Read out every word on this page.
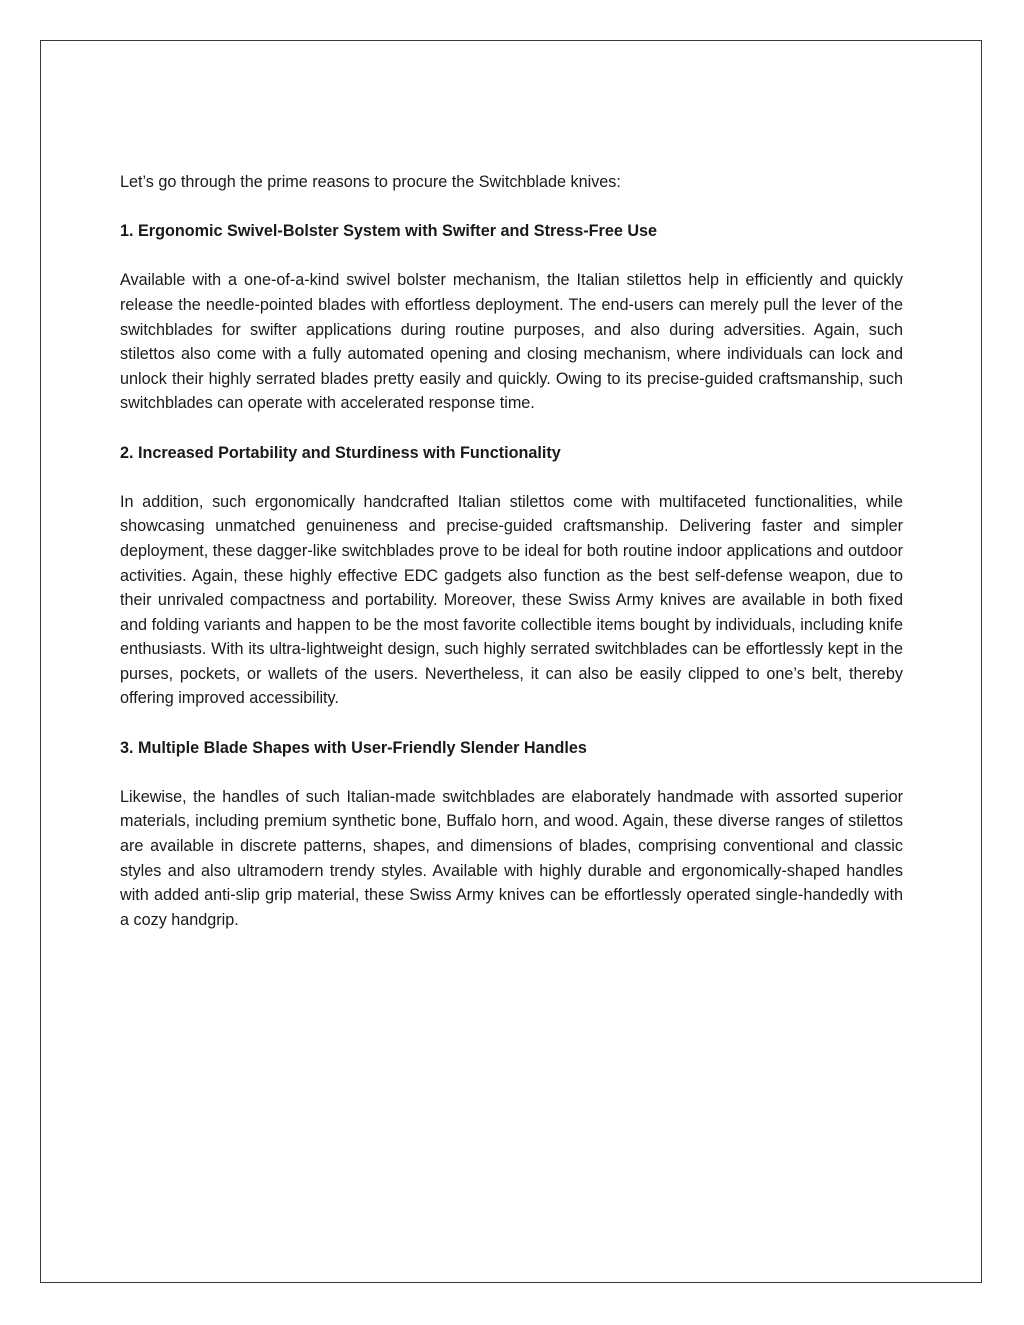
Let’s go through the prime reasons to procure the Switchblade knives:

1. Ergonomic Swivel-Bolster System with Swifter and Stress-Free Use

Available with a one-of-a-kind swivel bolster mechanism, the Italian stilettos help in efficiently and quickly release the needle-pointed blades with effortless deployment. The end-users can merely pull the lever of the switchblades for swifter applications during routine purposes, and also during adversities. Again, such stilettos also come with a fully automated opening and closing mechanism, where individuals can lock and unlock their highly serrated blades pretty easily and quickly. Owing to its precise-guided craftsmanship, such switchblades can operate with accelerated response time.

2. Increased Portability and Sturdiness with Functionality

In addition, such ergonomically handcrafted Italian stilettos come with multifaceted functionalities, while showcasing unmatched genuineness and precise-guided craftsmanship. Delivering faster and simpler deployment, these dagger-like switchblades prove to be ideal for both routine indoor applications and outdoor activities. Again, these highly effective EDC gadgets also function as the best self-defense weapon, due to their unrivaled compactness and portability. Moreover, these Swiss Army knives are available in both fixed and folding variants and happen to be the most favorite collectible items bought by individuals, including knife enthusiasts. With its ultra-lightweight design, such highly serrated switchblades can be effortlessly kept in the purses, pockets, or wallets of the users. Nevertheless, it can also be easily clipped to one’s belt, thereby offering improved accessibility.

3. Multiple Blade Shapes with User-Friendly Slender Handles

Likewise, the handles of such Italian-made switchblades are elaborately handmade with assorted superior materials, including premium synthetic bone, Buffalo horn, and wood. Again, these diverse ranges of stilettos are available in discrete patterns, shapes, and dimensions of blades, comprising conventional and classic styles and also ultramodern trendy styles. Available with highly durable and ergonomically-shaped handles with added anti-slip grip material, these Swiss Army knives can be effortlessly operated single-handedly with a cozy handgrip.
